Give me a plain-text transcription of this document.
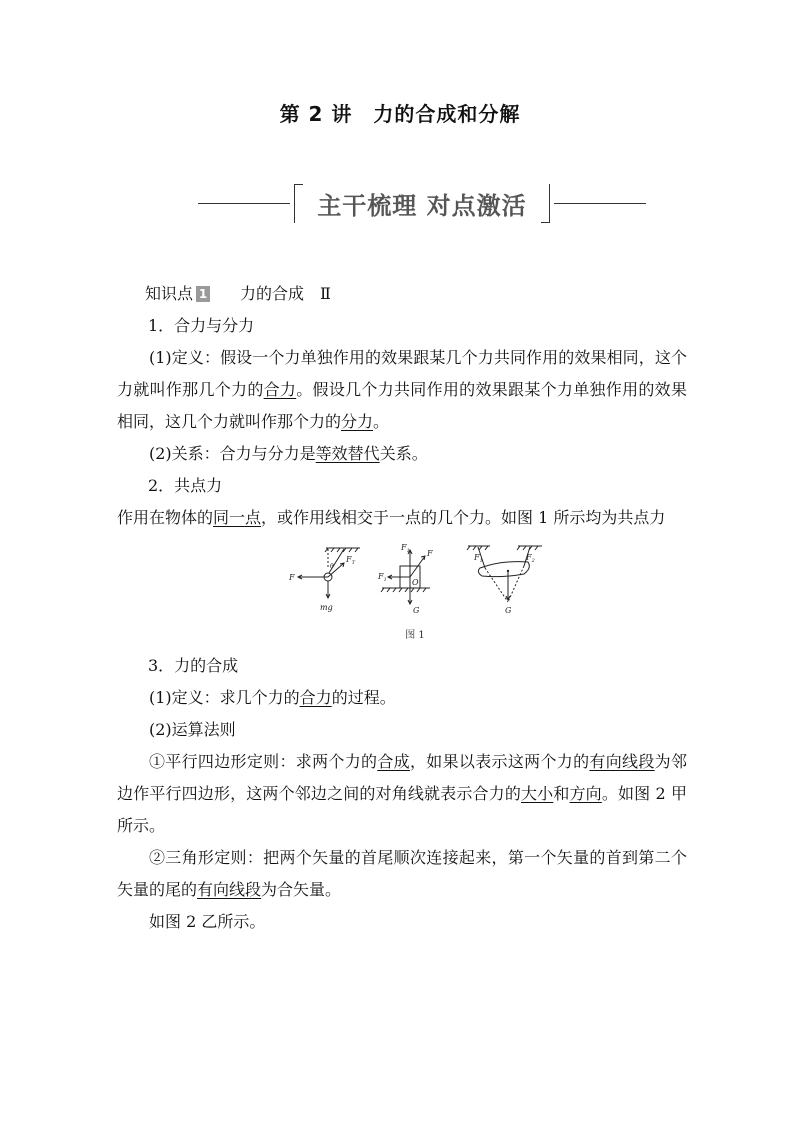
第 2 讲　力的合成和分解
主干梳理 对点激活
知识点 1 力的合成　Ⅱ
1．合力与分力
(1)定义：假设一个力单独作用的效果跟某几个力共同作用的效果相同，这个力就叫作那几个力的合力。假设几个力共同作用的效果跟某个力单独作用的效果相同，这几个力就叫作那个力的分力。
(2)关系：合力与分力是等效替代关系。
2．共点力
作用在物体的同一点，或作用线相交于一点的几个力。如图 1 所示均为共点力
F
$F_T$
θ
mg
$F_1$ F
$F_1$	O
G
$F_1$	$F_2$
G
图 1
3．力的合成
(1)定义：求几个力的合力的过程。
(2)运算法则
①平行四边形定则：求两个力的合成，如果以表示这两个力的有向线段为邻边作平行四边形，这两个邻边之间的对角线就表示合力的大小和方向。如图 2 甲所示。
②三角形定则：把两个矢量的首尾顺次连接起来，第一个矢量的首到第二个矢量的尾的有向线段为合矢量。
如图 2 乙所示。
